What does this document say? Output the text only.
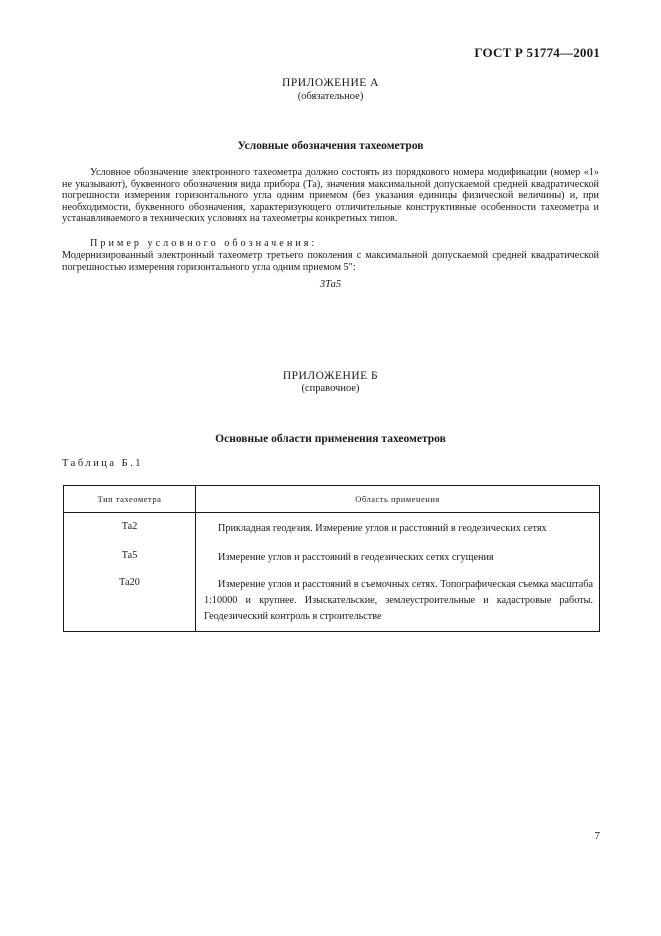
ГОСТ Р 51774—2001
ПРИЛОЖЕНИЕ А
(обязательное)
Условные обозначения тахеометров

Условное обозначение электронного тахеометра должно состоять из порядкового номера модификации (номер «1» не указывают), буквенного обозначения вида прибора (Та), значения максимальной допускаемой средней квадратической погрешности измерения горизонтального угла одним приемом (без указания единицы физической величины) и, при необходимости, буквенного обозначения, характеризующего отличительные конструктивные особенности тахеометра и устанавливаемого в технических условиях на тахеометры конкретных типов.

Пример условного обозначения:

Модернизированный электронный тахеометр третьего поколения с максимальной допускаемой средней квадратической погрешностью измерения горизонтального угла одним приемом 5″:

3Та5
ПРИЛОЖЕНИЕ Б
(справочное)
Основные области применения тахеометров
Таблица Б.1
Тип тахеометра	Область применения
Та2	Прикладная геодезия. Измерение углов и расстояний в геодезических сетях
Та5	Измерение углов и расстояний в геодезических сетях сгущения
Та20	Измерение углов и расстояний в съемочных сетях. Топографическая съемка масштаба 1:10000 и крупнее. Изыскательские, землеустроительные и кадастровые работы. Геодезический контроль в строительстве
7
